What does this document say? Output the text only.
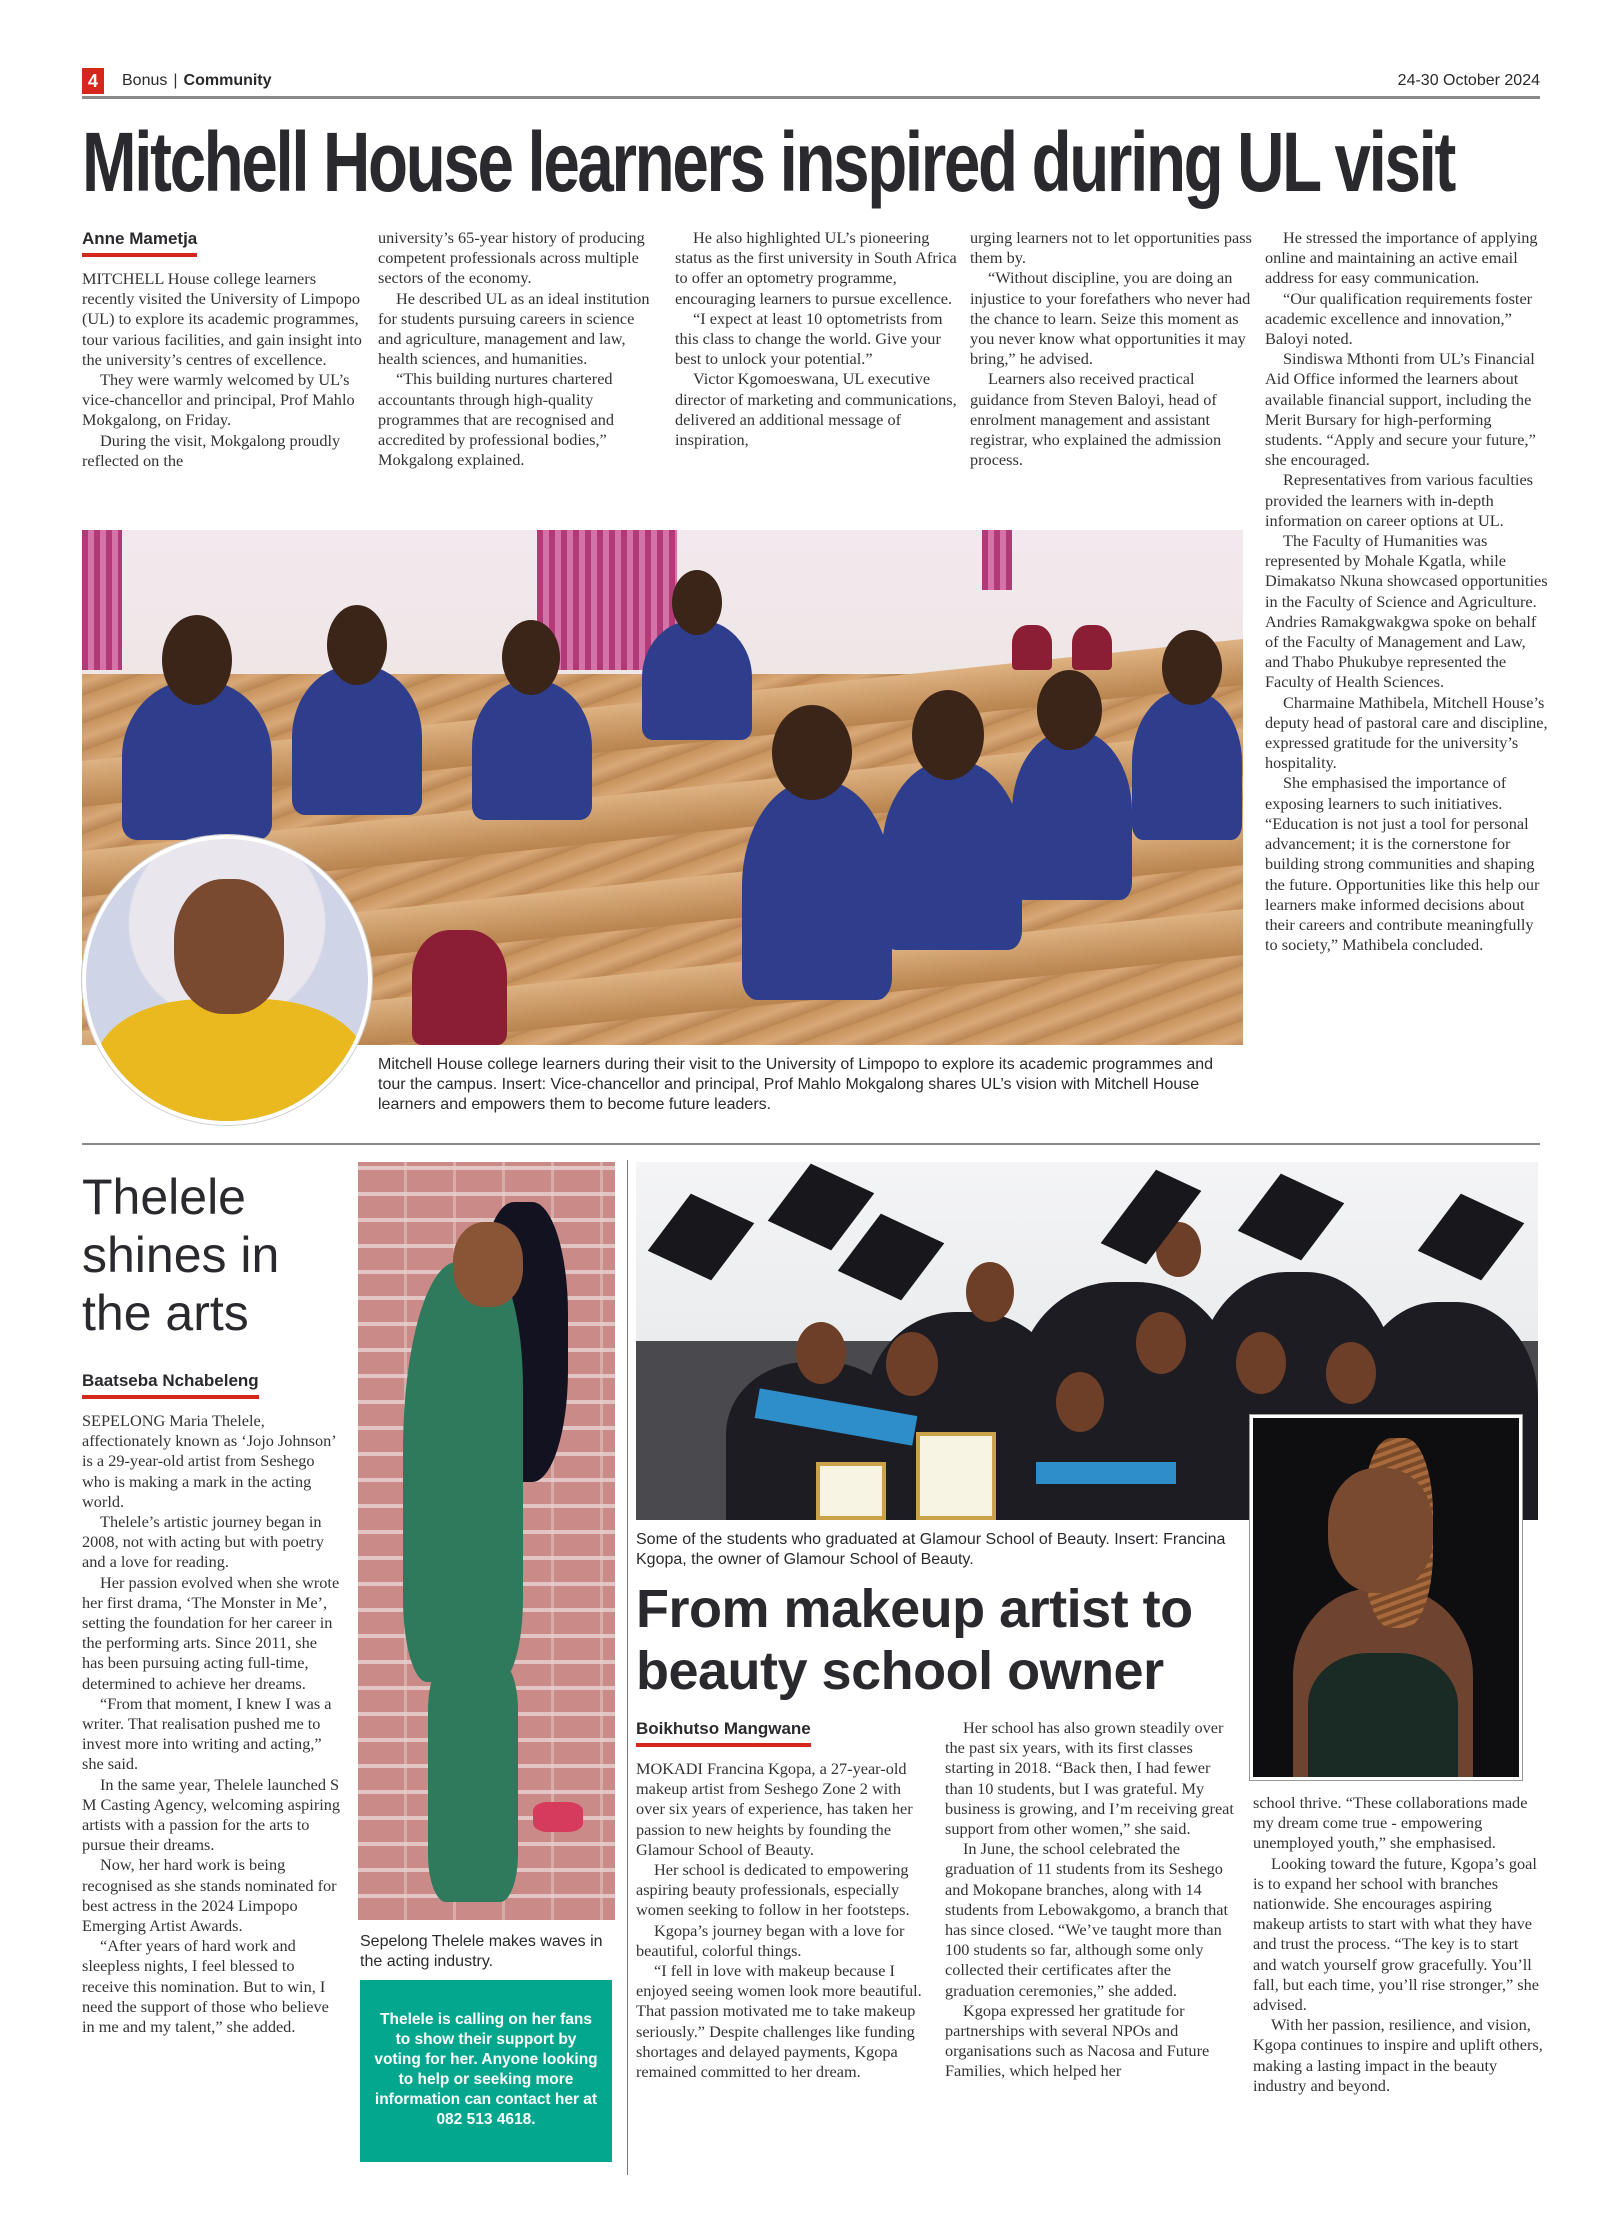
4	Bonus | Community	24-30 October 2024
Mitchell House learners inspired during UL visit
Anne Mametja

MITCHELL House college learners recently visited the University of Limpopo (UL) to explore its academic programmes, tour various facilities, and gain insight into the university’s centres of excellence.

They were warmly welcomed by UL’s vice-chancellor and principal, Prof Mahlo Mokgalong, on Friday.

During the visit, Mokgalong proudly reflected on the

university’s 65-year history of producing competent professionals across multiple sectors of the economy.

He described UL as an ideal institution for students pursuing careers in science and agriculture, management and law, health sciences, and humanities.

“This building nurtures chartered accountants through high-quality programmes that are recognised and accredited by professional bodies,” Mokgalong explained.

He also highlighted UL’s pioneering status as the first university in South Africa to offer an optometry programme, encouraging learners to pursue excellence.

“I expect at least 10 optometrists from this class to change the world. Give your best to unlock your potential.”

Victor Kgomoeswana, UL executive director of marketing and communications, delivered an additional message of inspiration,

urging learners not to let opportunities pass them by.

“Without discipline, you are doing an injustice to your forefathers who never had the chance to learn. Seize this moment as you never know what opportunities it may bring,” he advised.

Learners also received practical guidance from Steven Baloyi, head of enrolment management and assistant registrar, who explained the admission process.

He stressed the importance of applying online and maintaining an active email address for easy communication.

“Our qualification requirements foster academic excellence and innovation,” Baloyi noted.

Sindiswa Mthonti from UL’s Financial Aid Office informed the learners about available financial support, including the Merit Bursary for high-performing students. “Apply and secure your future,” she encouraged.

Representatives from various faculties provided the learners with in-depth information on career options at UL.

The Faculty of Humanities was represented by Mohale Kgatla, while Dimakatso Nkuna showcased opportunities in the Faculty of Science and Agriculture. Andries Ramakgwakgwa spoke on behalf of the Faculty of Management and Law, and Thabo Phukubye represented the Faculty of Health Sciences.

Charmaine Mathibela, Mitchell House’s deputy head of pastoral care and discipline, expressed gratitude for the university’s hospitality.

She emphasised the importance of exposing learners to such initiatives. “Education is not just a tool for personal advancement; it is the cornerstone for building strong communities and shaping the future. Opportunities like this help our learners make informed decisions about their careers and contribute meaningfully to society,” Mathibela concluded.

Mitchell House college learners during their visit to the University of Limpopo to explore its academic programmes and tour the campus. Insert: Vice-chancellor and principal, Prof Mahlo Mokgalong shares UL’s vision with Mitchell House learners and empowers them to become future leaders.
Thelele
shines in
the arts
Baatseba Nchabeleng

SEPELONG Maria Thelele, affectionately known as ‘Jojo Johnson’ is a 29-year-old artist from Seshego who is making a mark in the acting world.

Thelele’s artistic journey began in 2008, not with acting but with poetry and a love for reading.

Her passion evolved when she wrote her first drama, ‘The Monster in Me’, setting the foundation for her career in the performing arts. Since 2011, she has been pursuing acting full-time, determined to achieve her dreams.

“From that moment, I knew I was a writer. That realisation pushed me to invest more into writing and acting,” she said.

In the same year, Thelele launched S M Casting Agency, welcoming aspiring artists with a passion for the arts to pursue their dreams.

Now, her hard work is being recognised as she stands nominated for best actress in the 2024 Limpopo Emerging Artist Awards.

“After years of hard work and sleepless nights, I feel blessed to receive this nomination. But to win, I need the support of those who believe in me and my talent,” she added.

Sepelong Thelele makes waves in the acting industry.
Thelele is calling on her fans to show their support by voting for her. Anyone looking to help or seeking more information can contact her at 082 513 4618.
Some of the students who graduated at Glamour School of Beauty. Insert: Francina Kgopa, the owner of Glamour School of Beauty.
From makeup artist to
beauty school owner
Boikhutso Mangwane

MOKADI Francina Kgopa, a 27-year-old makeup artist from Seshego Zone 2 with over six years of experience, has taken her passion to new heights by founding the Glamour School of Beauty.

Her school is dedicated to empowering aspiring beauty professionals, especially women seeking to follow in her footsteps.

Kgopa’s journey began with a love for beautiful, colorful things.

“I fell in love with makeup because I enjoyed seeing women look more beautiful. That passion motivated me to take makeup seriously.” Despite challenges like funding shortages and delayed payments, Kgopa remained committed to her dream.

Her school has also grown steadily over the past six years, with its first classes starting in 2018. “Back then, I had fewer than 10 students, but I was grateful. My business is growing, and I’m receiving great support from other women,” she said.

In June, the school celebrated the graduation of 11 students from its Seshego and Mokopane branches, along with 14 students from Lebowakgomo, a branch that has since closed. “We’ve taught more than 100 students so far, although some only collected their certificates after the graduation ceremonies,” she added.

Kgopa expressed her gratitude for partnerships with several NPOs and organisations such as Nacosa and Future Families, which helped her

school thrive. “These collaborations made my dream come true - empowering unemployed youth,” she emphasised.

Looking toward the future, Kgopa’s goal is to expand her school with branches nationwide. She encourages aspiring makeup artists to start with what they have and trust the process. “The key is to start and watch yourself grow gracefully. You’ll fall, but each time, you’ll rise stronger,” she advised.

With her passion, resilience, and vision, Kgopa continues to inspire and uplift others, making a lasting impact in the beauty industry and beyond.
